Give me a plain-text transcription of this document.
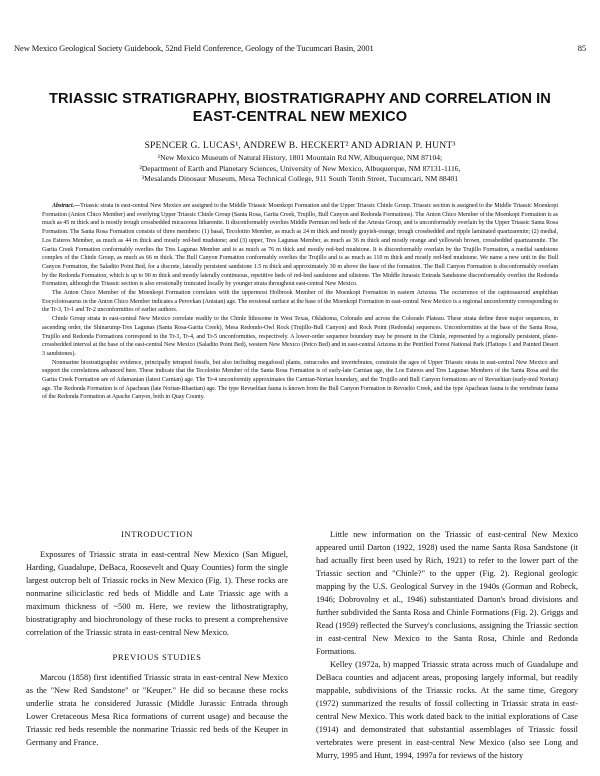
New Mexico Geological Society Guidebook, 52nd Field Conference, Geology of the Tucumcari Basin, 2001	85
TRIASSIC STRATIGRAPHY, BIOSTRATIGRAPHY AND CORRELATION IN
EAST-CENTRAL NEW MEXICO
SPENCER G. LUCAS¹, ANDREW B. HECKERT² AND ADRIAN P. HUNT³
¹New Mexico Museum of Natural History, 1801 Mountain Rd NW, Albuquerque, NM 87104;
²Department of Earth and Planetary Sciences, University of New Mexico, Albuquerque, NM 87131-1116,
³Mesalands Dinosaur Museum, Mesa Technical College, 911 South Tenth Street, Tucumcari, NM 88401

Abstract.—Triassic strata in east-central New Mexico are assigned to the Middle Triassic Moenkopi Formation and the Upper Triassic Chinle Group. Triassic section is assigned to the Middle Triassic Moenkopi Formation (Anton Chico Member) and overlying Upper Triassic Chinle Group (Santa Rosa, Garita Creek, Trujillo, Bull Canyon and Redonda Formations). The Anton Chico Member of the Moenkopi Formation is as much as 45 m thick and is mostly trough crossbedded micaceous litharenite. It disconformably overlies Middle Permian red beds of the Artesia Group, and is unconformably overlain by the Upper Triassic Santa Rosa Formation. The Santa Rosa Formation consists of three members: (1) basal, Tecolotito Member, as much as 24 m thick and mostly grayish-orange, trough crossbedded and ripple laminated quartzarenite; (2) medial, Los Esteros Member, as much as 44 m thick and mostly red-bed mudstone; and (3) upper, Tres Lagunas Member, as much as 36 m thick and mostly orange and yellowish brown, crossbedded quartzarenite. The Garita Creek Formation conformably overlies the Tres Lagunas Member and is as much as 76 m thick and mostly red-bed mudstone. It is disconformably overlain by the Trujillo Formation, a medial sandstone complex of the Chinle Group, as much as 66 m thick. The Bull Canyon Formation conformably overlies the Trujillo and is as much as 110 m thick and mostly red-bed mudstone. We name a new unit in the Bull Canyon Formation, the Saladito Point Bed, for a discrete, laterally persistent sandstone 1.5 m thick and approximately 30 m above the base of the formation. The Bull Canyon Formation is disconformably overlain by the Redonda Formation, which is up to 90 m thick and mostly laterally continuous, repetitive beds of red-bed sandstone and siltstone. The Middle Jurassic Entrada Sandstone disconformably overlies the Redonda Formation, although the Triassic section is also erosionally truncated locally by younger strata throughout east-central New Mexico.

The Anton Chico Member of the Moenkopi Formation correlates with the uppermost Holbrook Member of the Moenkopi Formation in eastern Arizona. The occurrence of the capitosauroid amphibian Eocyclotosaurus in the Anton Chico Member indicates a Perovkan (Anisian) age. The erosional surface at the base of the Moenkopi Formation in east-central New Mexico is a regional unconformity corresponding to the Tr-3, Tr-1 and Tr-2 unconformities of earlier authors.

Chinle Group strata in east-central New Mexico correlate readily to the Chinle lithosome in West Texas, Oklahoma, Colorado and across the Colorado Plateau. These strata define three major sequences, in ascending order, the Shinarump-Tres Lagunas (Santa Rosa-Garita Creek), Mesa Redondo-Owl Rock (Trujillo-Bull Canyon) and Rock Point (Redonda) sequences. Unconformities at the base of the Santa Rosa, Trujillo and Redonda Formations correspond to the Tr-3, Tr-4, and Tr-5 unconformities, respectively. A lower-order sequence boundary may be present in the Chinle, represented by a regionally persistent, plane-crossbedded interval at the base of the east-central New Mexico (Saladito Point Bed), western New Mexico (Petco Bed) and in east-central Arizona in the Petrified Forest National Park (Flattops 1 and Painted Desert 3 sandstones).

Nonmarine biostratigraphic evidence, principally tetrapod fossils, but also including megafossil plants, ostracodes and invertebrates, constrain the ages of Upper Triassic strata in east-central New Mexico and support the correlations advanced here. These indicate that the Tecolotito Member of the Santa Rosa Formation is of early-late Carnian age, the Los Esteros and Tres Lagunas Members of the Santa Rosa and the Garita Creek Formation are of Adamanian (latest Carnian) age. The Tr-4 unconformity approximates the Carnian-Norian boundary, and the Trujillo and Bull Canyon formations are of Revueltian (early-mid Norian) age. The Redonda Formation is of Apachean (late Norian-Rhaetian) age. The type Revueltian fauna is known from the Bull Canyon Formation in Revuelto Creek, and the type Apachean fauna is the vertebrate fauna of the Redonda Formation at Apache Canyon, both in Quay County.

INTRODUCTION

Exposures of Triassic strata in east-central New Mexico (San Miguel, Harding, Guadalupe, DeBaca, Roosevelt and Quay Counties) form the single largest outcrop belt of Triassic rocks in New Mexico (Fig. 1). These rocks are nonmarine siliciclastic red beds of Middle and Late Triassic age with a maximum thickness of ~500 m. Here, we review the lithostratigraphy, biostratigraphy and biochronology of these rocks to present a comprehensive correlation of the Triassic strata in east-central New Mexico.

PREVIOUS STUDIES

Marcou (1858) first identified Triassic strata in east-central New Mexico as the "New Red Sandstone" or "Keuper." He did so because these rocks underlie strata he considered Jurassic (Middle Jurassic Entrada through Lower Cretaceous Mesa Rica formations of current usage) and because the Triassic red beds resemble the nonmarine Triassic red beds of the Keuper in Germany and France.

Little new information on the Triassic of east-central New Mexico appeared until Darton (1922, 1928) used the name Santa Rosa Sandstone (it had actually first been used by Rich, 1921) to refer to the lower part of the Triassic section and "Chinle?" to the upper (Fig. 2). Regional geologic mapping by the U.S. Geological Survey in the 1940s (Gorman and Robeck, 1946; Dobrovolny et al., 1946) substantiated Darton's broad divisions and further subdivided the Santa Rosa and Chinle Formations (Fig. 2). Griggs and Read (1959) reflected the Survey's conclusions, assigning the Triassic section in east-central New Mexico to the Santa Rosa, Chinle and Redonda Formations.

Kelley (1972a, b) mapped Triassic strata across much of Guadalupe and DeBaca counties and adjacent areas, proposing largely informal, but readily mappable, subdivisions of the Triassic rocks. At the same time, Gregory (1972) summarized the results of fossil collecting in Triassic strata in east-central New Mexico. This work dated back to the initial explorations of Case (1914) and demonstrated that substantial assemblages of Triassic fossil vertebrates were present in east-central New Mexico (also see Long and Murry, 1995 and Hunt, 1994, 1997a for reviews of the history
